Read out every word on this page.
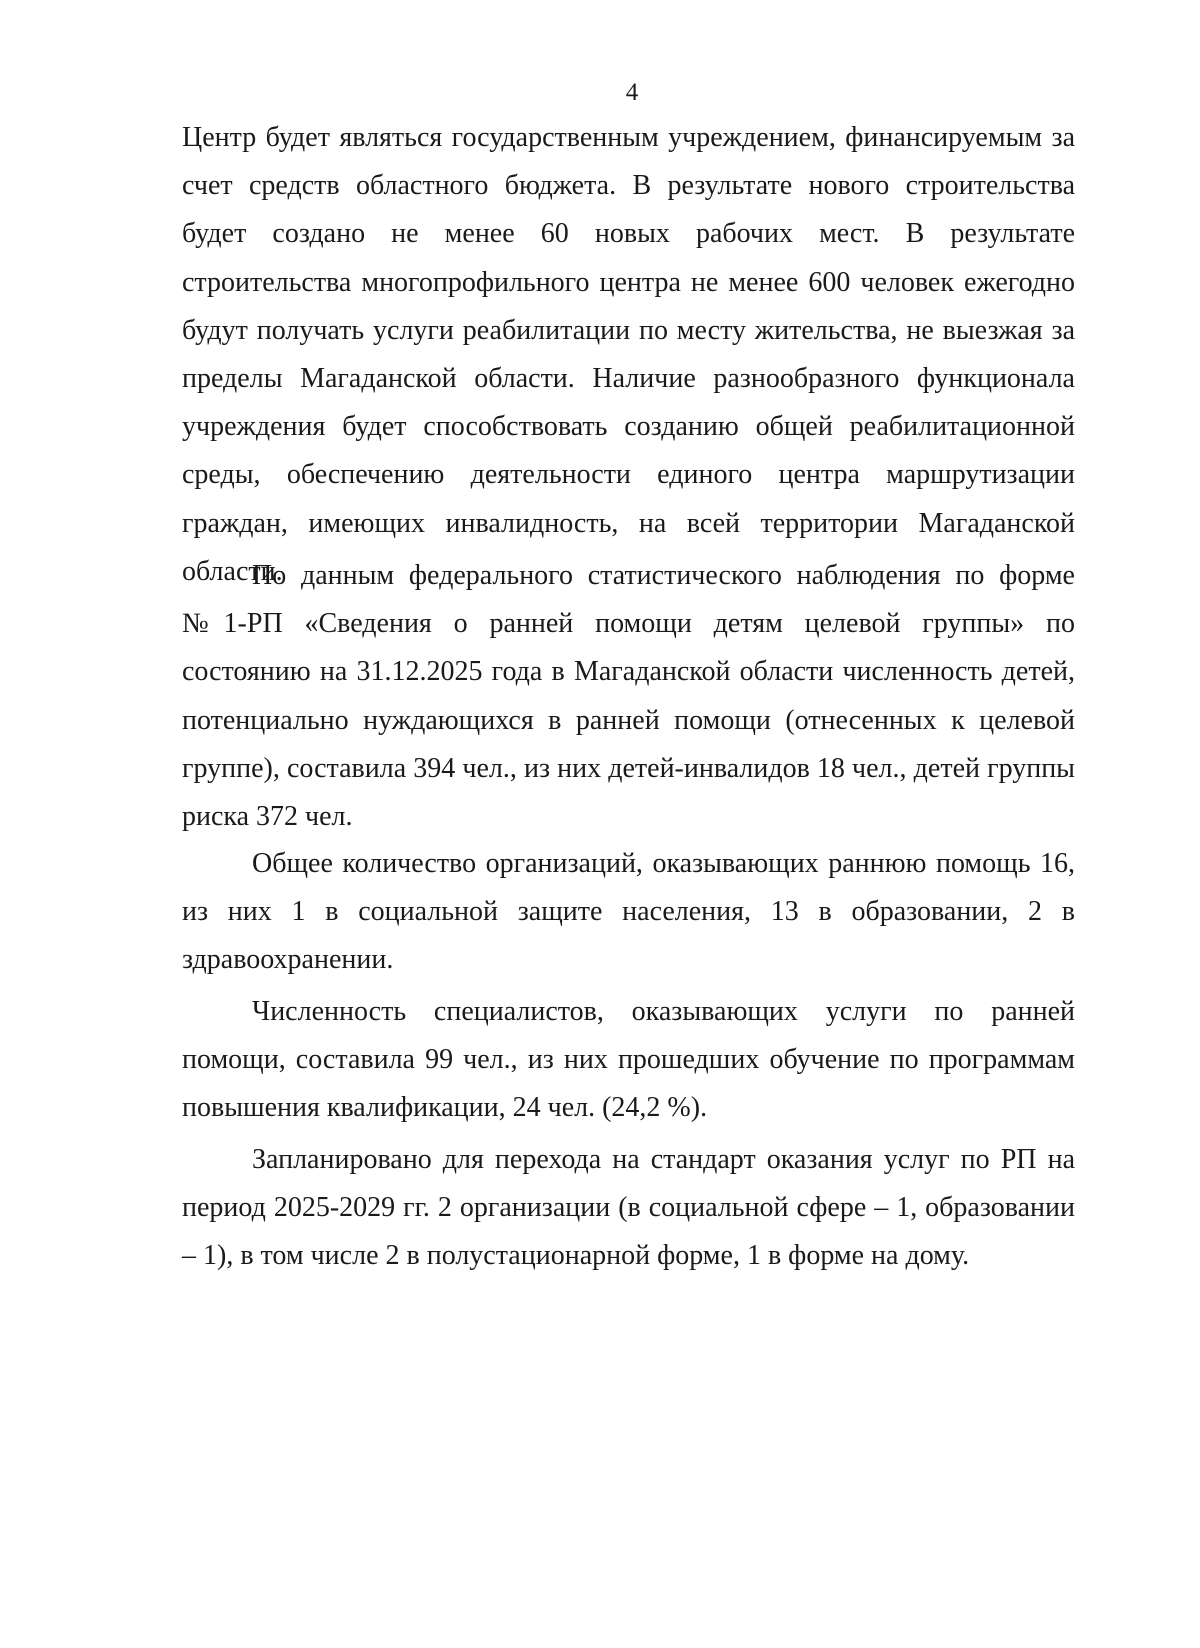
4

Центр будет являться государственным учреждением, финансируемым за счет средств областного бюджета. В результате нового строительства будет создано не менее 60 новых рабочих мест. В результате строительства многопрофильного центра не менее 600 человек ежегодно будут получать услуги реабилитации по месту жительства, не выезжая за пределы Магаданской области. Наличие разнообразного функционала учреждения будет способствовать созданию общей реабилитационной среды, обеспечению деятельности единого центра маршрутизации граждан, имеющих инвалидность, на всей территории Магаданской области.

По данным федерального статистического наблюдения по форме №1-РП «Сведения о ранней помощи детям целевой группы» по состоянию на 31.12.2025 года в Магаданской области численность детей, потенциально нуждающихся в ранней помощи (отнесенных к целевой группе), составила 394 чел., из них детей-инвалидов 18 чел., детей группы риска 372 чел.

Общее количество организаций, оказывающих раннюю помощь 16, из них 1 в социальной защите населения, 13 в образовании, 2 в здравоохранении.

Численность специалистов, оказывающих услуги по ранней помощи, составила 99 чел., из них прошедших обучение по программам повышения квалификации, 24 чел. (24,2 %).

Запланировано для перехода на стандарт оказания услуг по РП на период 2025-2029 гг. 2 организации (в социальной сфере – 1, образовании – 1), в том числе 2 в полустационарной форме, 1 в форме на дому.
